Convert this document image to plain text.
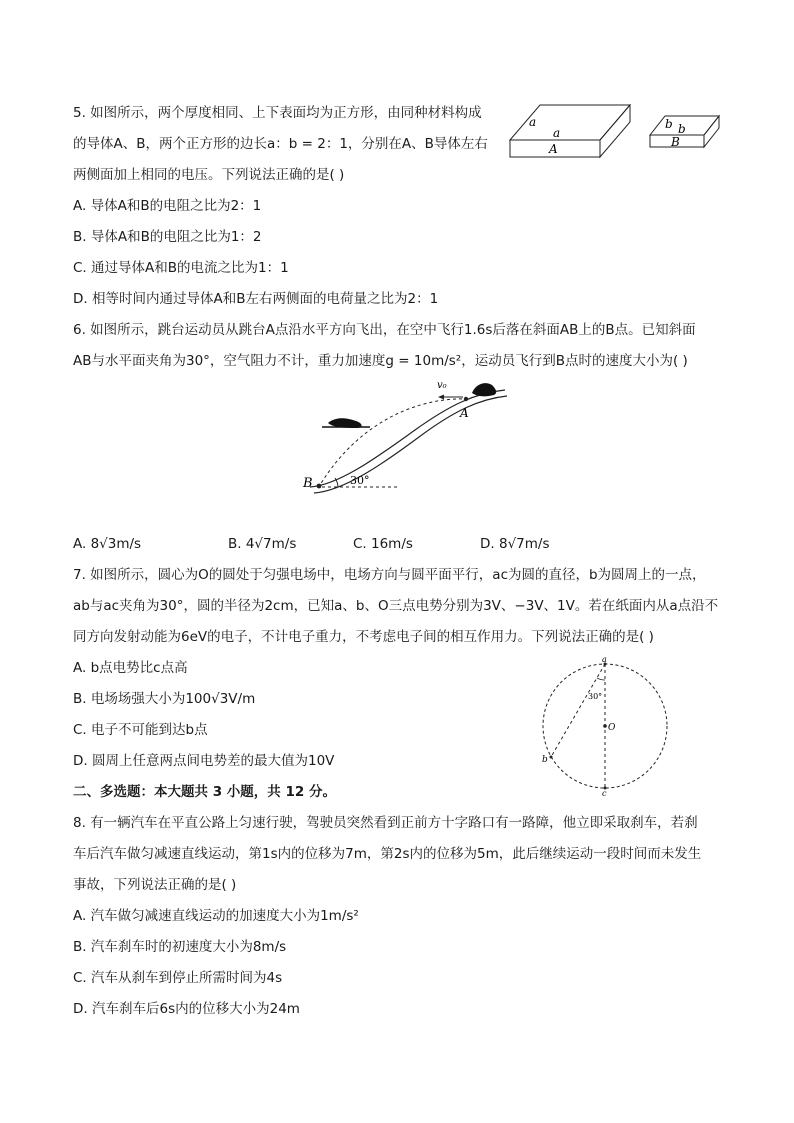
5. 如图所示，两个厚度相同、上下表面均为正方形，由同种材料构成
的导体A、B，两个正方形的边长a：b = 2：1，分别在A、B导体左右
两侧面加上相同的电压。下列说法正确的是( )
A. 导体A和B的电阻之比为2：1
B. 导体A和B的电阻之比为1：2
C. 通过导体A和B的电流之比为1：1
D. 相等时间内通过导体A和B左右两侧面的电荷量之比为2：1
a
a
A
b b
B
6. 如图所示，跳台运动员从跳台A点沿水平方向飞出，在空中飞行1.6s后落在斜面AB上的B点。已知斜面
AB与水平面夹角为30°，空气阻力不计，重力加速度g = 10m/s²，运动员飞行到B点时的速度大小为( )
v₀
A
B	30°
A. 8√3m/s	B. 4√7m/s	C. 16m/s	D. 8√7m/s
7. 如图所示，圆心为O的圆处于匀强电场中，电场方向与圆平面平行，ac为圆的直径，b为圆周上的一点，
ab与ac夹角为30°，圆的半径为2cm，已知a、b、O三点电势分别为3V、−3V、1V。若在纸面内从a点沿不
同方向发射动能为6eV的电子，不计电子重力，不考虑电子间的相互作用力。下列说法正确的是( )
A. b点电势比c点高
B. 电场场强大小为100√3V/m
C. 电子不可能到达b点
D. 圆周上任意两点间电势差的最大值为10V
a
b
c
O
30°
二、多选题：本大题共 3 小题，共 12 分。
8. 有一辆汽车在平直公路上匀速行驶，驾驶员突然看到正前方十字路口有一路障，他立即采取刹车，若刹
车后汽车做匀减速直线运动，第1s内的位移为7m，第2s内的位移为5m，此后继续运动一段时间而未发生
事故，下列说法正确的是( )
A. 汽车做匀减速直线运动的加速度大小为1m/s²
B. 汽车刹车时的初速度大小为8m/s
C. 汽车从刹车到停止所需时间为4s
D. 汽车刹车后6s内的位移大小为24m
